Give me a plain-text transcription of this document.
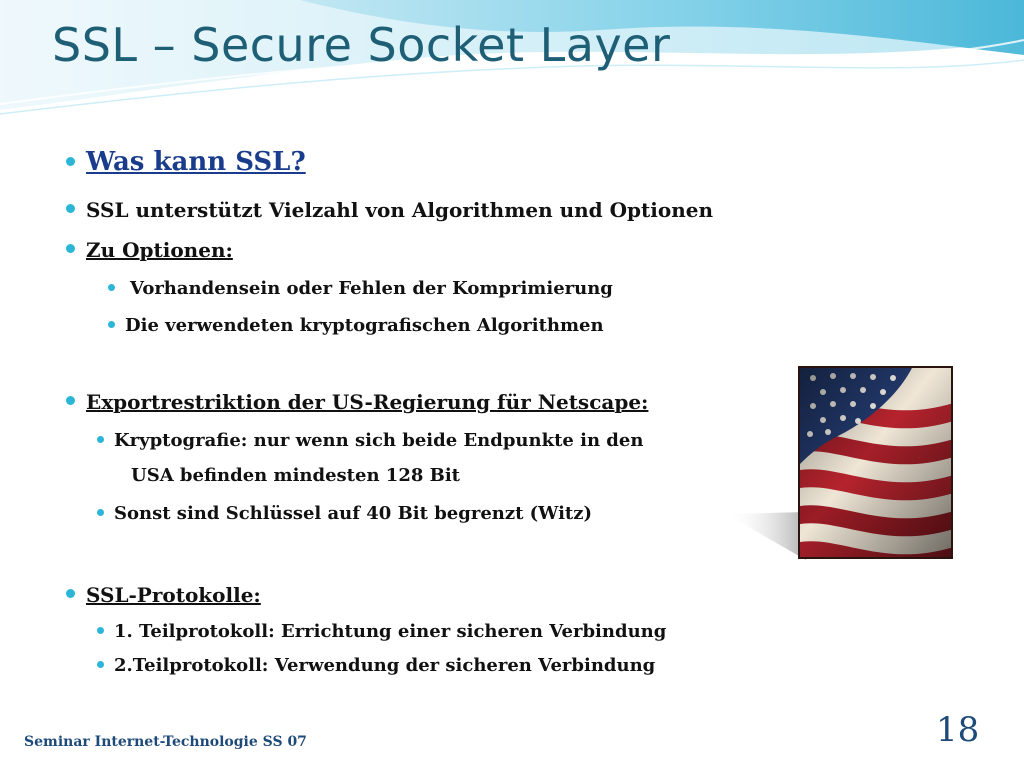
SSL – Secure Socket Layer
Was kann SSL?
SSL unterstützt Vielzahl von Algorithmen und Optionen
Zu Optionen:
Vorhandensein oder Fehlen der Komprimierung
Die verwendeten kryptografischen Algorithmen
Exportrestriktion der US-Regierung für Netscape:
Kryptografie: nur wenn sich beide Endpunkte in den
USA befinden mindesten 128 Bit
Sonst sind Schlüssel auf 40 Bit begrenzt (Witz)
SSL-Protokolle:
1. Teilprotokoll: Errichtung einer sicheren Verbindung
2.Teilprotokoll: Verwendung der sicheren Verbindung
Seminar Internet-Technologie SS 07	18
